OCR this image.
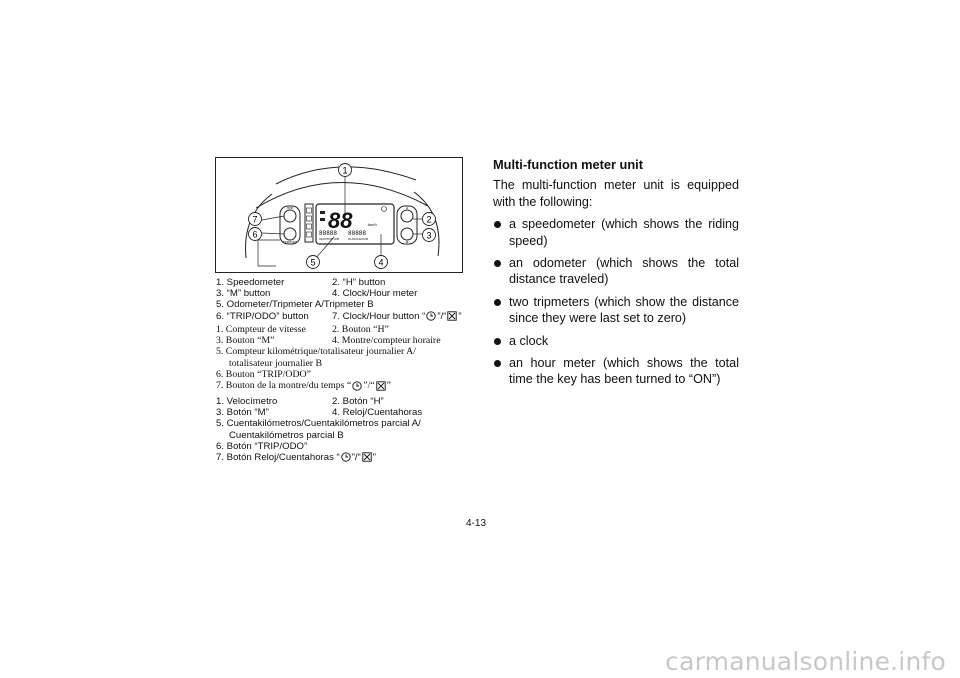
TRIP
TRIP/ODO
88	km/h
88888 88888
ODO/TRIP A/B	CLOCK/HOUR
H
M
1
2
3
4
5
6
7
1. Speedometer	2. “H” button
3. “M” button	4. Clock/Hour meter
5. Odometer/Tripmeter A/Tripmeter B
6. “TRIP/ODO” button	7. Clock/Hour button “ ”/“ ”
1. Compteur de vitesse	2. Bouton “H”
3. Bouton “M”	4. Montre/compteur horaire
5. Compteur kilométrique/totalisateur journalier A/
totalisateur journalier B
6. Bouton “TRIP/ODO”
7. Bouton de la montre/du temps “ ”/“ ”
1. Velocímetro	2. Botón “H”
3. Botón “M”	4. Reloj/Cuentahoras
5. Cuentakilómetros/Cuentakilómetros parcial A/
Cuentakilómetros parcial B
6. Botón “TRIP/ODO”
7. Botón Reloj/Cuentahoras “ ”/“ ”
Multi-function meter unit

The multi-function meter unit is equipped with the following:

a speedometer (which shows the riding speed)
an odometer (which shows the total distance traveled)
two tripmeters (which show the distance since they were last set to zero)
a clock
an hour meter (which shows the total time the key has been turned to “ON”)
4-13
carmanualsonline.info
